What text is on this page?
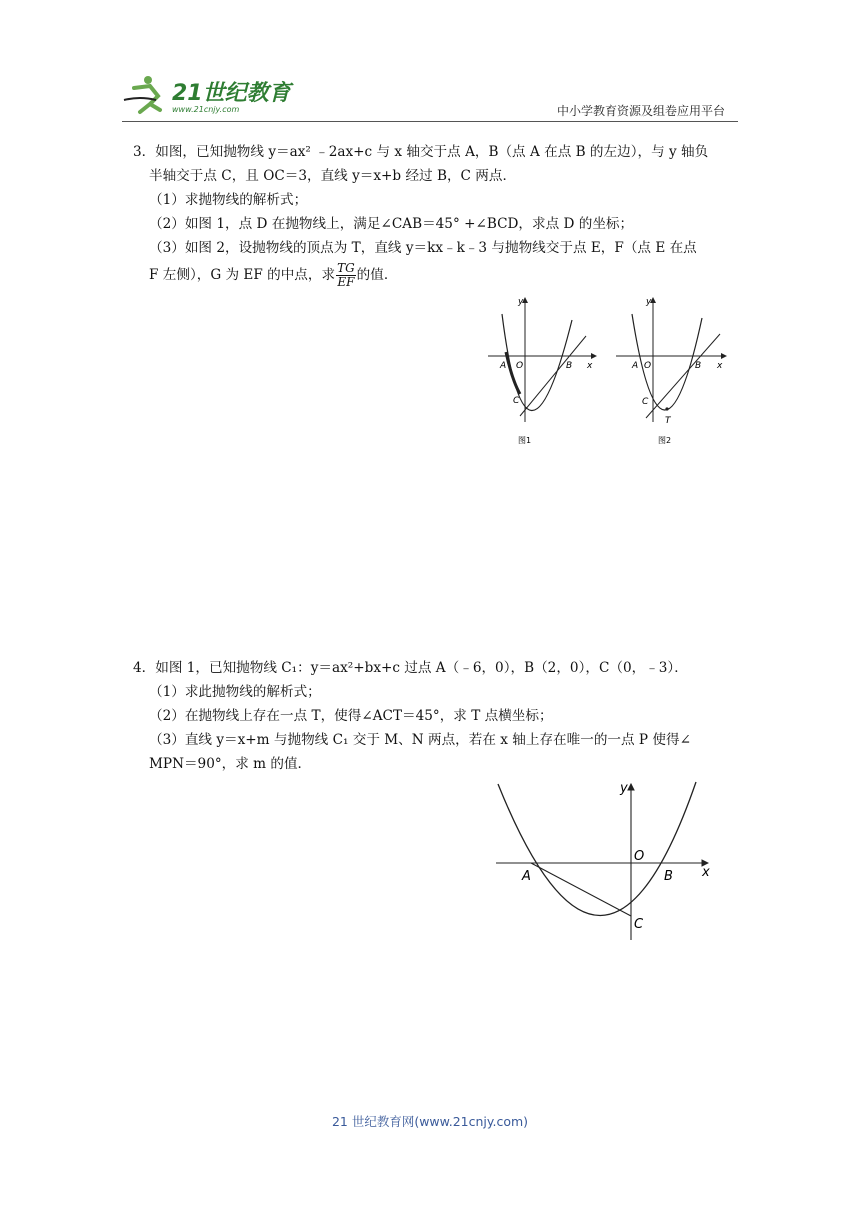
21世纪教育
www.21cnjy.com	中小学教育资源及组卷应用平台
3．如图，已知抛物线 y＝ax² ﹣2ax+c 与 x 轴交于点 A，B（点 A 在点 B 的左边），与 y 轴负
半轴交于点 C，且 OC＝3，直线 y＝x+b 经过 B，C 两点．
（1）求抛物线的解析式；
（2）如图 1，点 D 在抛物线上，满足∠CAB＝45° +∠BCD，求点 D 的坐标；
（3）如图 2，设抛物线的顶点为 T，直线 y＝kx﹣k﹣3 与抛物线交于点 E，F（点 E 在点
F 左侧），G 为 EF 的中点，求 $\frac{TG}{EF}$ 的值．
y
x
A O	B
C
图1
y
x
A O	B
C
T
图2
4．如图 1，已知抛物线 C₁：y＝ax²+bx+c 过点 A（﹣6，0），B（2，0），C（0，﹣3）．
（1）求此抛物线的解析式；
（2）在抛物线上存在一点 T，使得∠ACT＝45°，求 T 点横坐标；
（3）直线 y＝x+m 与抛物线 C₁ 交于 M、N 两点，若在 x 轴上存在唯一的一点 P 使得∠
MPN＝90°，求 m 的值．
y
x
O
A	B
C
21 世纪教育网(www.21cnjy.com)
